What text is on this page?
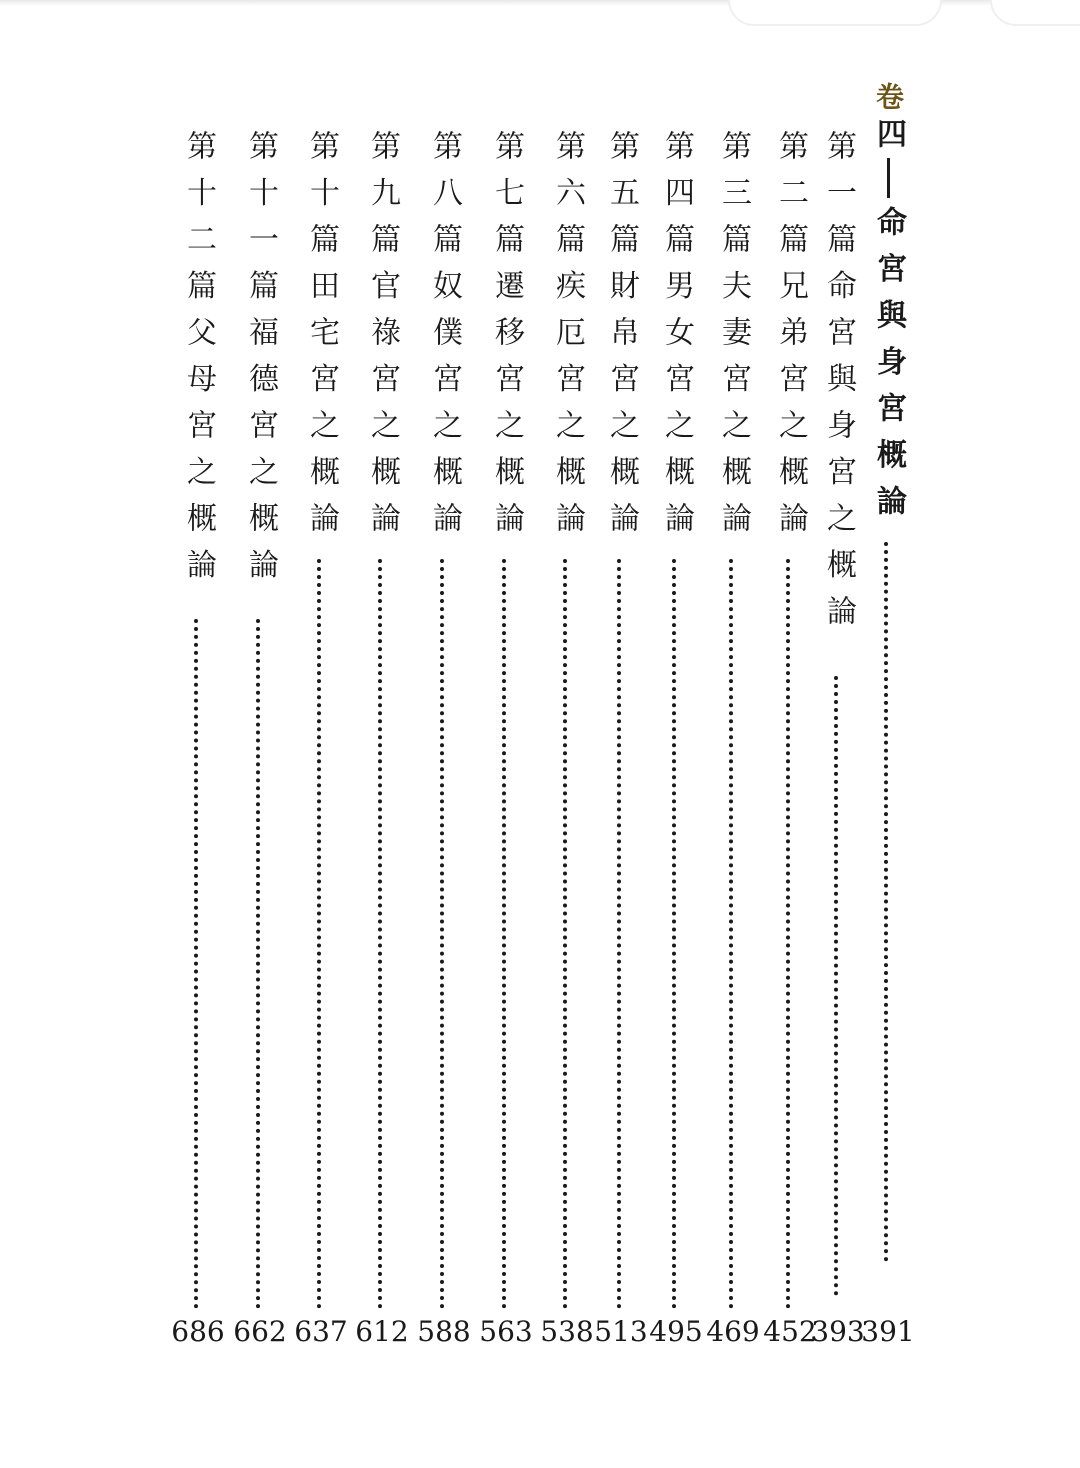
卷
四
命宮與身宮概論
391
第一篇命宮與身宮之概論
393
第二篇兄弟宮之概論
452
第三篇夫妻宮之概論
469
第四篇男女宮之概論
495
第五篇財帛宮之概論
513
第六篇疾厄宮之概論
538
第七篇遷移宮之概論
563
第八篇奴僕宮之概論
588
第九篇官祿宮之概論
612
第十篇田宅宮之概論
637
第十一篇福德宮之概論
662
第十二篇父母宮之概論
686
